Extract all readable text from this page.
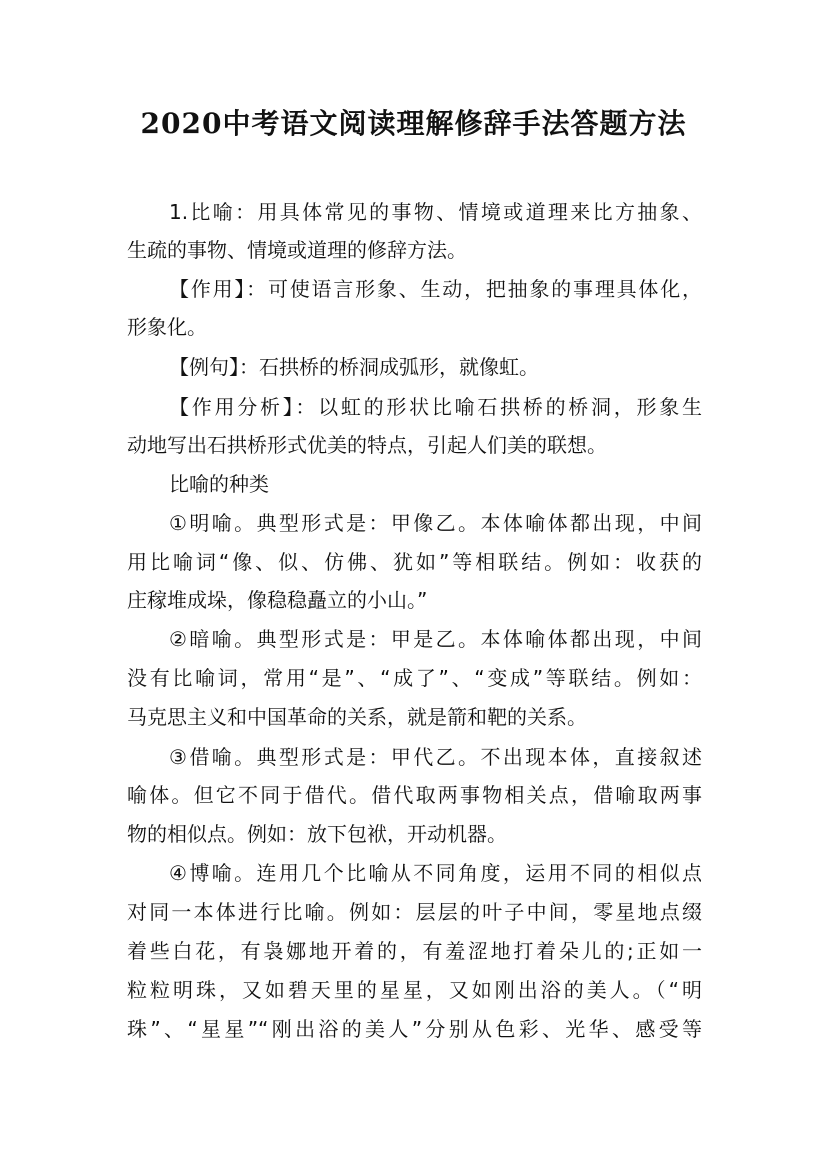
2020中考语文阅读理解修辞手法答题方法
1.比喻：用具体常见的事物、情境或道理来比方抽象、
生疏的事物、情境或道理的修辞方法。
【作用】：可使语言形象、生动，把抽象的事理具体化，
形象化。
【例句】：石拱桥的桥洞成弧形，就像虹。
【作用分析】：以虹的形状比喻石拱桥的桥洞，形象生
动地写出石拱桥形式优美的特点，引起人们美的联想。
比喻的种类
①明喻。典型形式是：甲像乙。本体喻体都出现，中间
用比喻词“像、似、仿佛、犹如”等相联结。例如：收获的
庄稼堆成垛，像稳稳矗立的小山。”
②暗喻。典型形式是：甲是乙。本体喻体都出现，中间
没有比喻词，常用“是”、“成了”、“变成”等联结。例如：
马克思主义和中国革命的关系，就是箭和靶的关系。
③借喻。典型形式是：甲代乙。不出现本体，直接叙述
喻体。但它不同于借代。借代取两事物相关点，借喻取两事
物的相似点。例如：放下包袱，开动机器。
④博喻。连用几个比喻从不同角度，运用不同的相似点
对同一本体进行比喻。例如：层层的叶子中间，零星地点缀
着些白花，有袅娜地开着的，有羞涩地打着朵儿的;正如一
粒粒明珠，又如碧天里的星星，又如刚出浴的美人。（“明
珠”、“星星”“刚出浴的美人”分别从色彩、光华、感受等
